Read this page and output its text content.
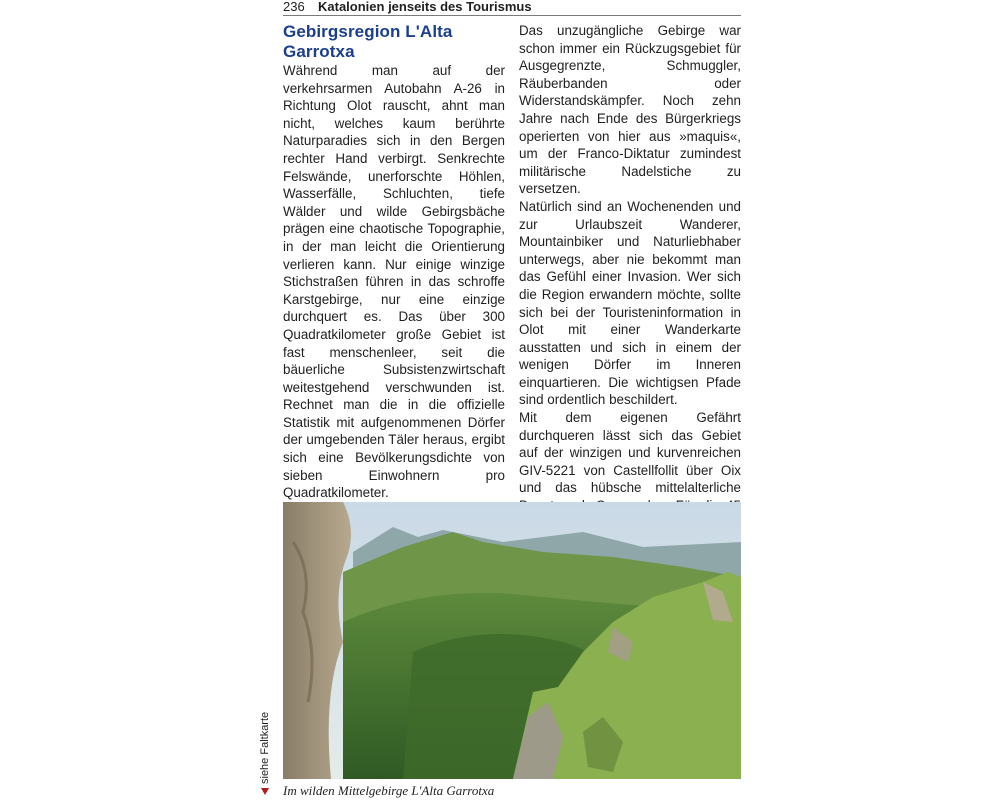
236 Katalonien jenseits des Tourismus
Gebirgsregion L'Alta Garrotxa

Während man auf der verkehrsarmen Autobahn A-26 in Richtung Olot rauscht, ahnt man nicht, welches kaum berührte Naturparadies sich in den Bergen rechter Hand verbirgt. Senkrechte Felswände, unerforschte Höhlen, Wasserfälle, Schluchten, tiefe Wälder und wilde Gebirgsbäche prägen eine chaotische Topographie, in der man leicht die Orientierung verlieren kann. Nur einige winzige Stichstraßen führen in das schroffe Karstgebirge, nur eine einzige durchquert es. Das über 300 Quadratkilometer große Gebiet ist fast menschenleer, seit die bäuerliche Subsistenzwirtschaft weitestgehend verschwunden ist. Rechnet man die in die offizielle Statistik mit aufgenommenen Dörfer der umgebenden Täler heraus, ergibt sich eine Bevölkerungsdichte von sieben Einwohnern pro Quadratkilometer.

Das unzugängliche Gebirge war schon immer ein Rückzugsgebiet für Ausgegrenzte, Schmuggler, Räuberbanden oder Widerstandskämpfer. Noch zehn Jahre nach Ende des Bürgerkriegs operierten von hier aus »maquis«, um der Franco-Diktatur zumindest militärische Nadelstiche zu versetzen.

Natürlich sind an Wochenenden und zur Urlaubszeit Wanderer, Mountainbiker und Naturliebhaber unterwegs, aber nie bekommt man das Gefühl einer Invasion. Wer sich die Region erwandern möchte, sollte sich bei der Touristeninformation in Olot mit einer Wanderkarte ausstatten und sich in einem der wenigen Dörfer im Inneren einquartieren. Die wichtigsen Pfade sind ordentlich beschildert.

Mit dem eigenen Gefährt durchqueren lässt sich das Gebiet auf der winzigen und kurvenreichen GIV-5221 von Castellfollit über Oix und das hübsche mittelalterliche

Im wilden Mittelgebirge L'Alta Garrotxa
siehe Faltkarte
